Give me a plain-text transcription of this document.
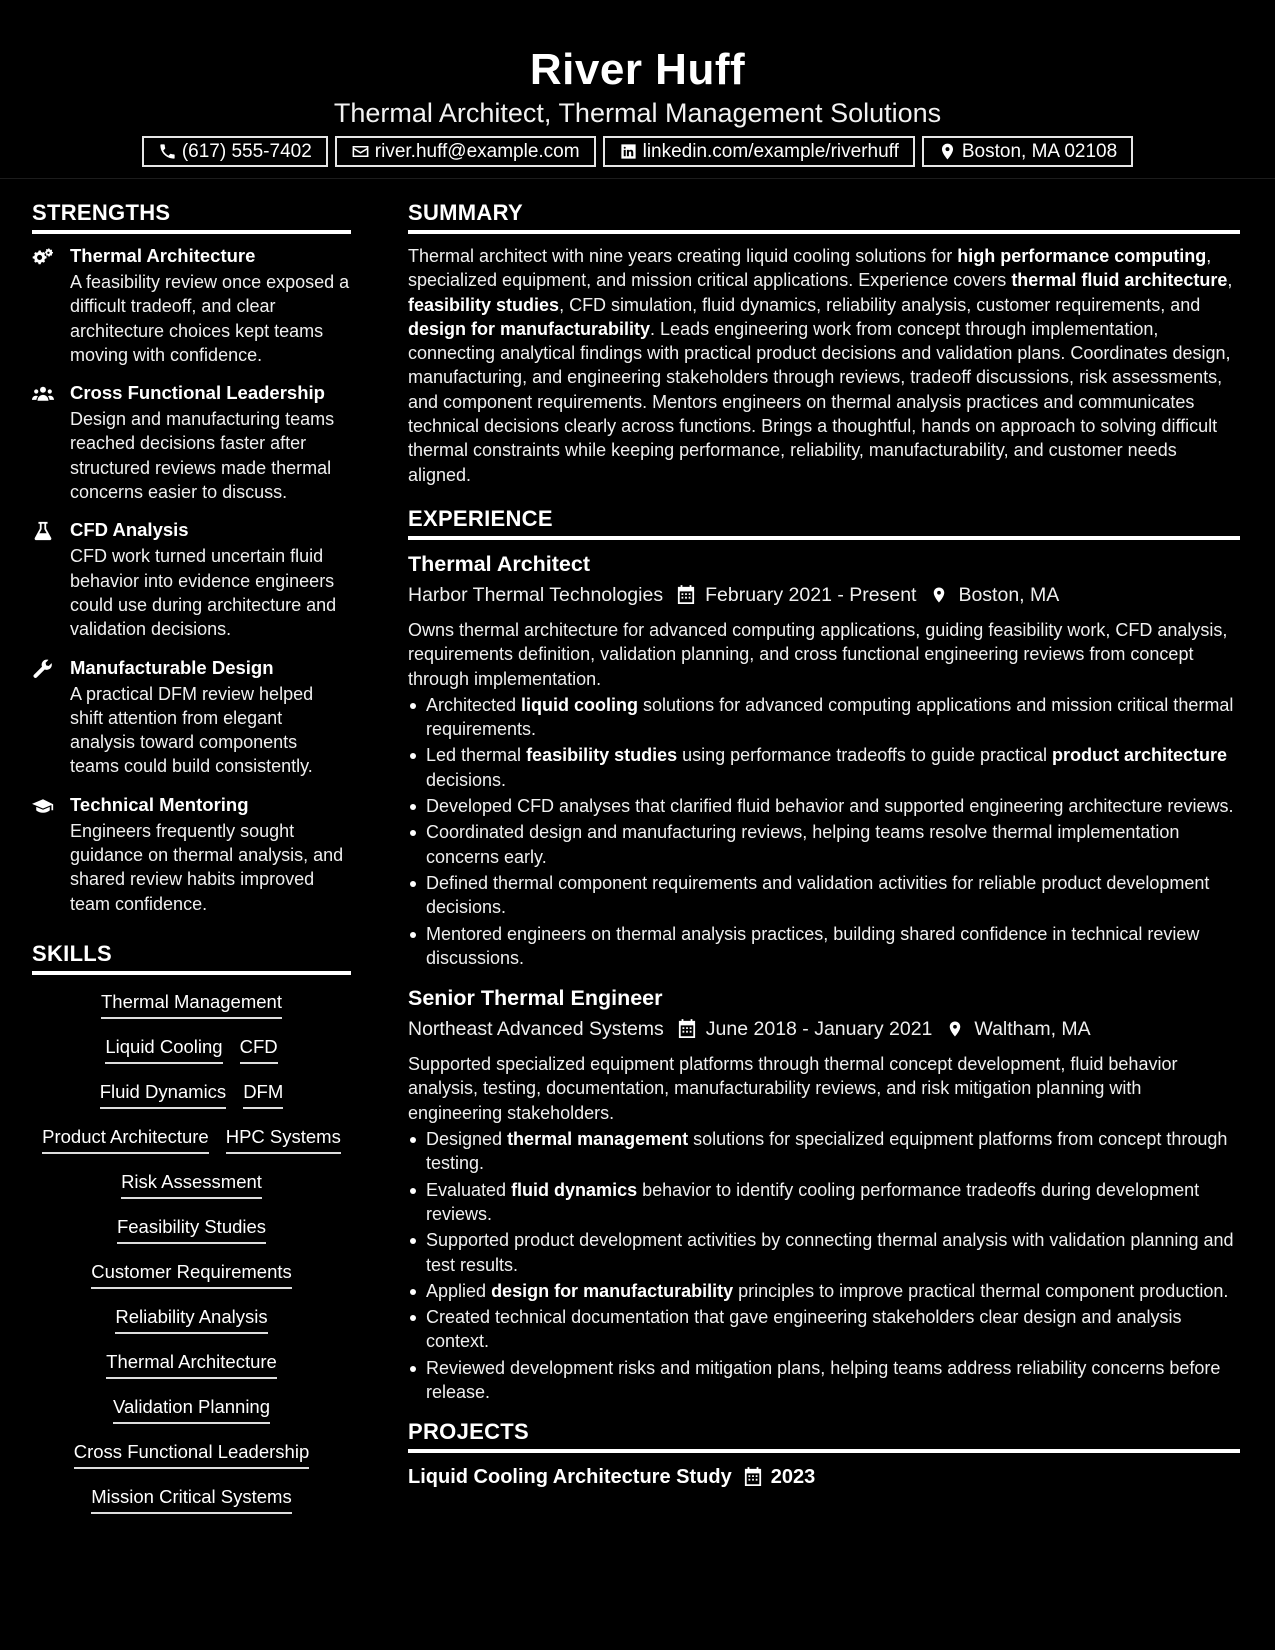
River Huff
Thermal Architect, Thermal Management Solutions
(617) 555-7402	river.huff@example.com	linkedin.com/example/riverhuff	Boston, MA 02108
STRENGTHS
Thermal Architecture
A feasibility review once exposed a difficult tradeoff, and clear architecture choices kept teams moving with confidence.
Cross Functional Leadership
Design and manufacturing teams reached decisions faster after structured reviews made thermal concerns easier to discuss.
CFD Analysis
CFD work turned uncertain fluid behavior into evidence engineers could use during architecture and validation decisions.
Manufacturable Design
A practical DFM review helped shift attention from elegant analysis toward components teams could build consistently.
Technical Mentoring
Engineers frequently sought guidance on thermal analysis, and shared review habits improved team confidence.
SKILLS
Thermal Management
Liquid Cooling CFD
Fluid Dynamics DFM
Product Architecture HPC Systems
Risk Assessment
Feasibility Studies
Customer Requirements
Reliability Analysis
Thermal Architecture
Validation Planning
Cross Functional Leadership
Mission Critical Systems
SUMMARY
Thermal architect with nine years creating liquid cooling solutions for high performance computing, specialized equipment, and mission critical applications. Experience covers thermal fluid architecture, feasibility studies, CFD simulation, fluid dynamics, reliability analysis, customer requirements, and design for manufacturability. Leads engineering work from concept through implementation, connecting analytical findings with practical product decisions and validation plans. Coordinates design, manufacturing, and engineering stakeholders through reviews, tradeoff discussions, risk assessments, and component requirements. Mentors engineers on thermal analysis practices and communicates technical decisions clearly across functions. Brings a thoughtful, hands on approach to solving difficult thermal constraints while keeping performance, reliability, manufacturability, and customer needs aligned.
EXPERIENCE
Thermal Architect
Harbor Thermal Technologies February 2021 - Present Boston, MA
Owns thermal architecture for advanced computing applications, guiding feasibility work, CFD analysis, requirements definition, validation planning, and cross functional engineering reviews from concept through implementation.
Architected liquid cooling solutions for advanced computing applications and mission critical thermal requirements.
Led thermal feasibility studies using performance tradeoffs to guide practical product architecture decisions.
Developed CFD analyses that clarified fluid behavior and supported engineering architecture reviews.
Coordinated design and manufacturing reviews, helping teams resolve thermal implementation concerns early.
Defined thermal component requirements and validation activities for reliable product development decisions.
Mentored engineers on thermal analysis practices, building shared confidence in technical review discussions.
Senior Thermal Engineer
Northeast Advanced Systems June 2018 - January 2021 Waltham, MA
Supported specialized equipment platforms through thermal concept development, fluid behavior analysis, testing, documentation, manufacturability reviews, and risk mitigation planning with engineering stakeholders.
Designed thermal management solutions for specialized equipment platforms from concept through testing.
Evaluated fluid dynamics behavior to identify cooling performance tradeoffs during development reviews.
Supported product development activities by connecting thermal analysis with validation planning and test results.
Applied design for manufacturability principles to improve practical thermal component production.
Created technical documentation that gave engineering stakeholders clear design and analysis context.
Reviewed development risks and mitigation plans, helping teams address reliability concerns before release.
PROJECTS
Liquid Cooling Architecture Study 2023
